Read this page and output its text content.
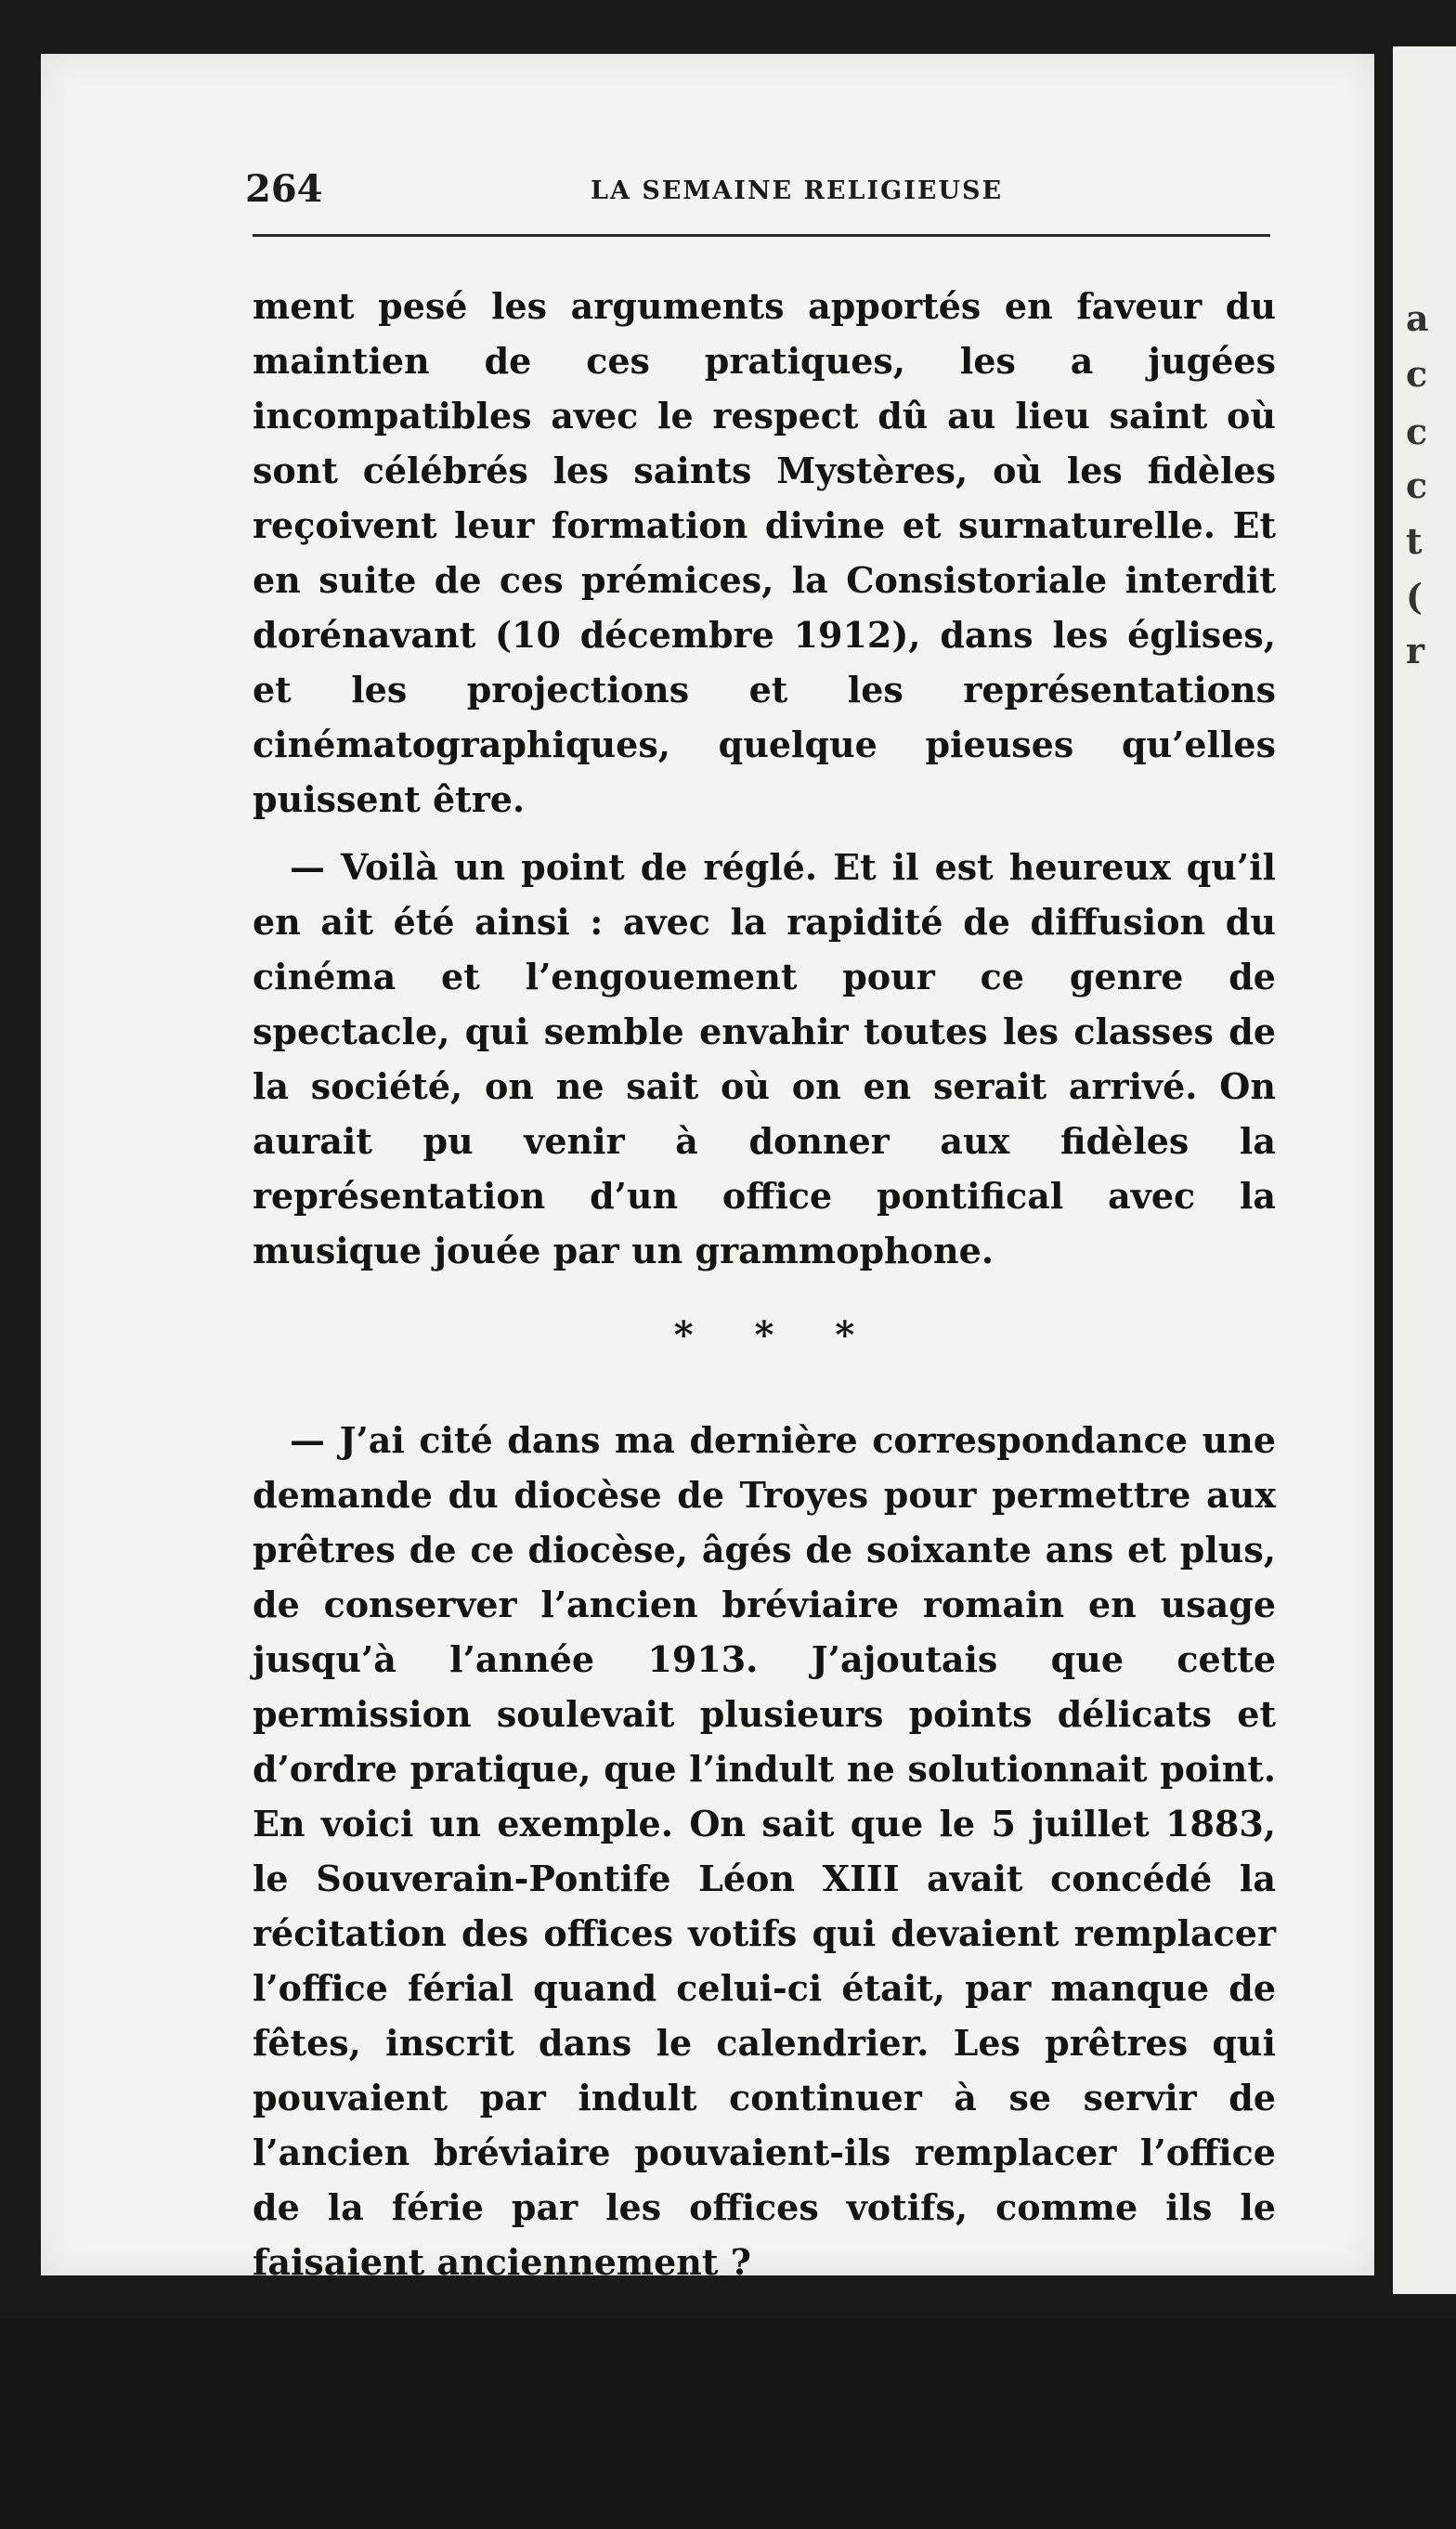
a
c
c
c
t
(
r
264	LA SEMAINE RELIGIEUSE

ment pesé les arguments apportés en faveur du maintien de ces pratiques, les a jugées incompatibles avec le respect dû au lieu saint où sont célébrés les saints Mystères, où les fidèles reçoivent leur formation divine et surnaturelle. Et en suite de ces prémices, la Consistoriale interdit dorénavant (10 décembre 1912), dans les églises, et les projections et les représentations cinématographiques, quelque pieuses qu’elles puissent être.

— Voilà un point de réglé. Et il est heureux qu’il en ait été ainsi : avec la rapidité de diffusion du cinéma et l’engouement pour ce genre de spectacle, qui semble envahir toutes les classes de la société, on ne sait où on en serait arrivé. On aurait pu venir à donner aux fidèles la représentation d’un office pontifical avec la musique jouée par un grammophone.

* * *

— J’ai cité dans ma dernière correspondance une demande du diocèse de Troyes pour permettre aux prêtres de ce diocèse, âgés de soixante ans et plus, de conserver l’ancien bréviaire romain en usage jusqu’à l’année 1913. J’ajoutais que cette permission soulevait plusieurs points délicats et d’ordre pratique, que l’indult ne solutionnait point. En voici un exemple. On sait que le 5 juillet 1883, le Souverain-Pontife Léon XIII avait concédé la récitation des offices votifs qui devaient remplacer l’office férial quand celui-ci était, par manque de fêtes, inscrit dans le calendrier. Les prêtres qui pouvaient par indult continuer à se servir de l’ancien bréviaire pouvaient-ils remplacer l’office de la férie par les offices votifs, comme ils le faisaient anciennement ?

— A priori, la question devait recevoir une solution affirmative ; et ces prêtres s’ils gardaient l’ancien bréviaire, jouissaient de tous les privilèges qui lui étaient accordés. Il y
